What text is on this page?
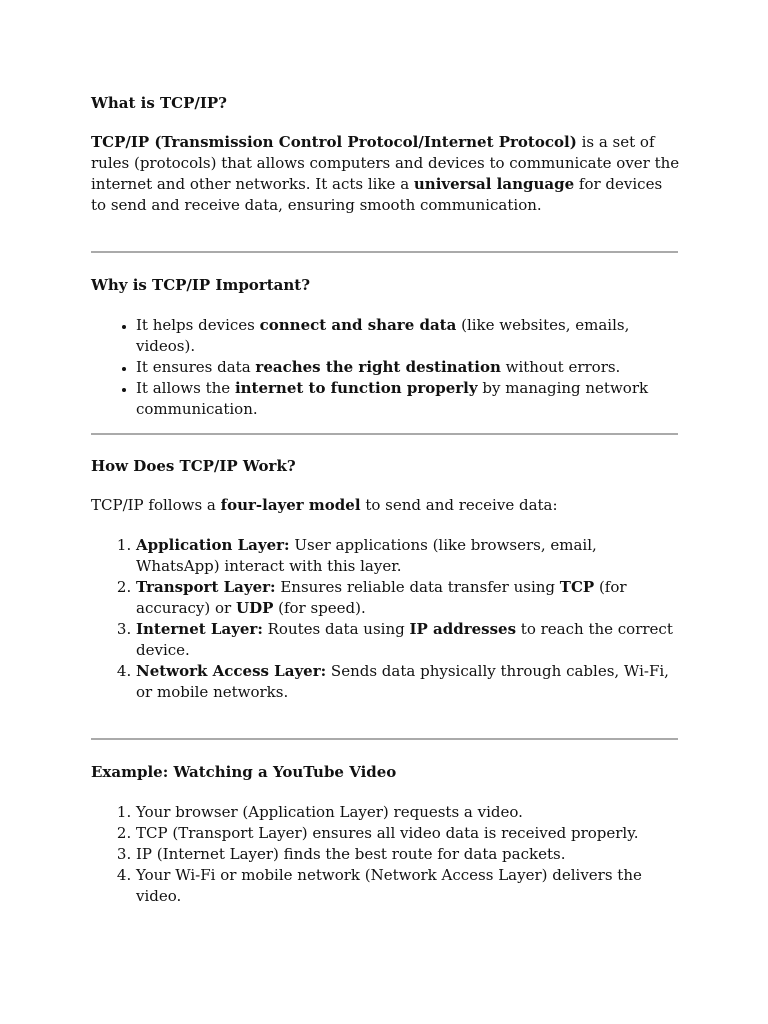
What is TCP/IP?

TCP/IP (Transmission Control Protocol/Internet Protocol) is a set of rules (protocols) that allows computers and devices to communicate over the internet and other networks. It acts like a universal language for devices to send and receive data, ensuring smooth communication.

Why is TCP/IP Important?
• It helps devices connect and share data (like websites, emails, videos).
• It ensures data reaches the right destination without errors.
• It allows the internet to function properly by managing network communication.
How Does TCP/IP Work?

TCP/IP follows a four-layer model to send and receive data:

1. Application Layer: User applications (like browsers, email, WhatsApp) interact with this layer.
2. Transport Layer: Ensures reliable data transfer using TCP (for accuracy) or UDP (for speed).
3. Internet Layer: Routes data using IP addresses to reach the correct device.
4. Network Access Layer: Sends data physically through cables, Wi-Fi, or mobile networks.
Example: Watching a YouTube Video
1. Your browser (Application Layer) requests a video.
2. TCP (Transport Layer) ensures all video data is received properly.
3. IP (Internet Layer) finds the best route for data packets.
4. Your Wi-Fi or mobile network (Network Access Layer) delivers the video.
